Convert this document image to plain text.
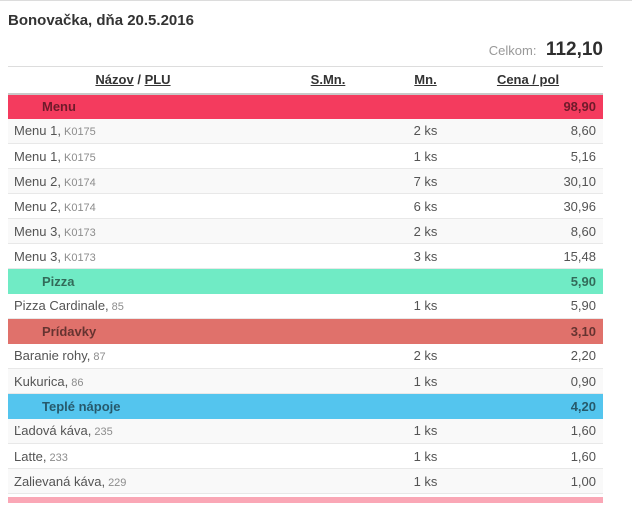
Bonovačka, dňa 20.5.2016
Celkom: 112,10
Názov / PLU	S.Mn.	Mn.	Cena / pol
Menu			98,90
Menu 1, K0175		2 ks	8,60
Menu 1, K0175		1 ks	5,16
Menu 2, K0174		7 ks	30,10
Menu 2, K0174		6 ks	30,96
Menu 3, K0173		2 ks	8,60
Menu 3, K0173		3 ks	15,48
Pizza			5,90
Pizza Cardinale, 85		1 ks	5,90
Prídavky			3,10
Baranie rohy, 87		2 ks	2,20
Kukurica, 86		1 ks	0,90
Teplé nápoje			4,20
Ľadová káva, 235		1 ks	1,60
Latte, 233		1 ks	1,60
Zalievaná káva, 229		1 ks	1,00
